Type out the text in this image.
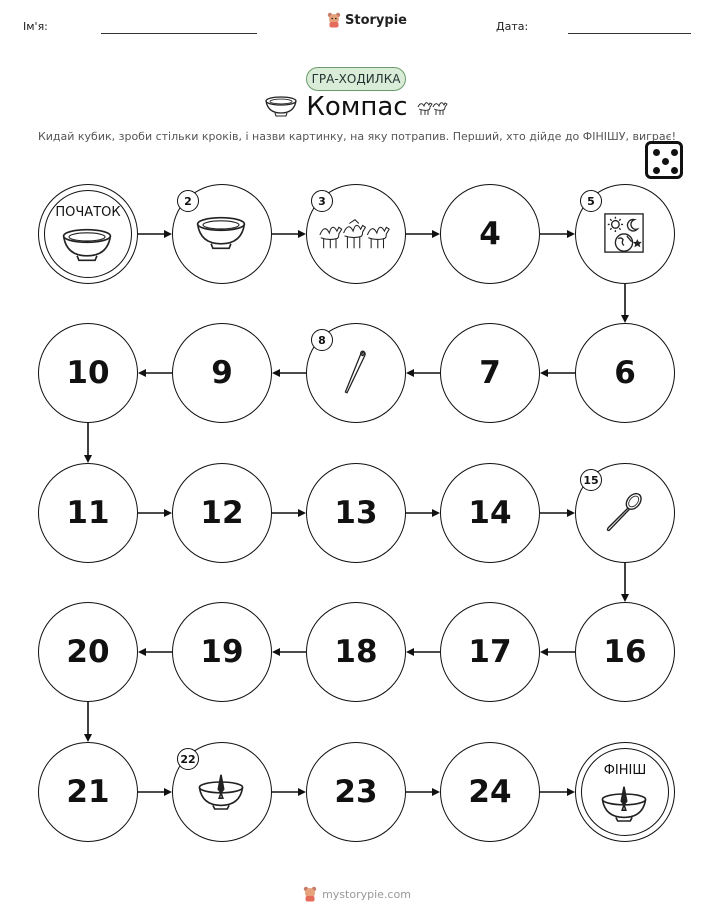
Ім'я:	Storypie	Дата:
ГРА-ХОДИЛКА
Компас
Кидай кубик, зроби стільки кроків, і назви картинку, на яку потрапив. Перший, хто дійде до ФІНІШУ, виграє!
ПОЧАТОК
2	3
4
5
6
7
8
9
10
11	12	13	14
15
16
17
18
19
20
21
22
23	24
ФІНІШ
mystorypie.com
